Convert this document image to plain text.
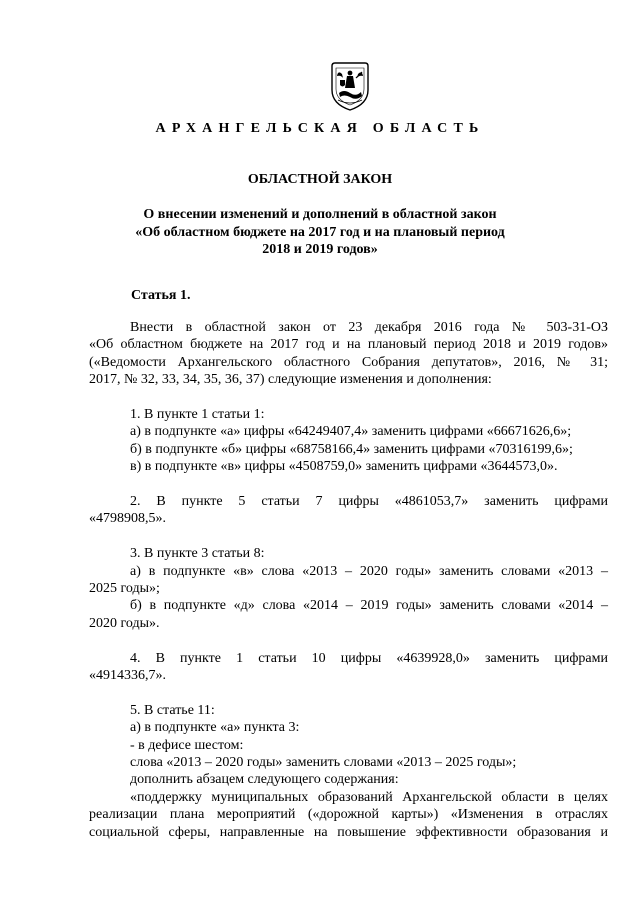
АРХАНГЕЛЬСКАЯ ОБЛАСТЬ
ОБЛАСТНОЙ ЗАКОН
О внесении изменений и дополнений в областной закон
«Об областном бюджете на 2017 год и на плановый период
2018 и 2019 годов»
Статья 1.
Внести в областной закон от 23 декабря 2016 года № 503-31-ОЗ
«Об областном бюджете на 2017 год и на плановый период 2018 и 2019 годов»
(«Ведомости Архангельского областного Собрания депутатов», 2016, № 31;
2017, № 32, 33, 34, 35, 36, 37) следующие изменения и дополнения:
1. В пункте 1 статьи 1:
а) в подпункте «а» цифры «64249407,4» заменить цифрами «66671626,6»;
б) в подпункте «б» цифры «68758166,4» заменить цифрами «70316199,6»;
в) в подпункте «в» цифры «4508759,0» заменить цифрами «3644573,0».
2. В пункте 5 статьи 7 цифры «4861053,7» заменить цифрами
«4798908,5».
3. В пункте 3 статьи 8:
а) в подпункте «в» слова «2013 – 2020 годы» заменить словами «2013 –
2025 годы»;
б) в подпункте «д» слова «2014 – 2019 годы» заменить словами «2014 –
2020 годы».
4. В пункте 1 статьи 10 цифры «4639928,0» заменить цифрами
«4914336,7».
5. В статье 11:
а) в подпункте «а» пункта 3:
- в дефисе шестом:
слова «2013 – 2020 годы» заменить словами «2013 – 2025 годы»;
дополнить абзацем следующего содержания:
«поддержку муниципальных образований Архангельской области в целях
реализации плана мероприятий («дорожной карты») «Изменения в отраслях
социальной сферы, направленные на повышение эффективности образования и
